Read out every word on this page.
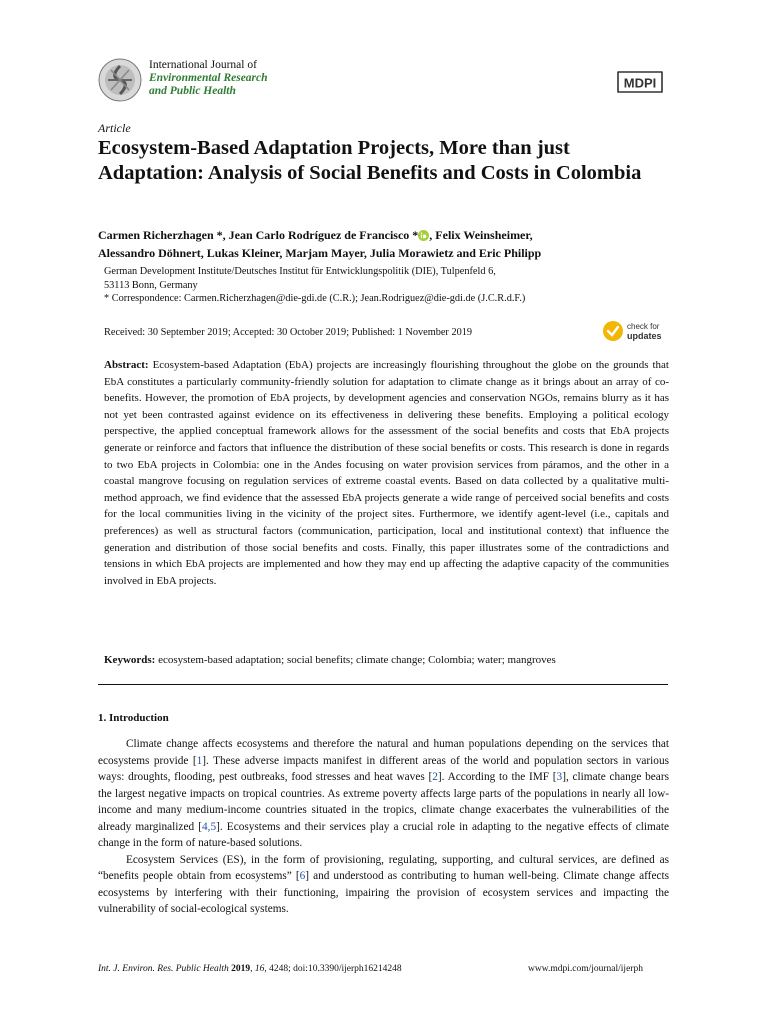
International Journal of
Environmental Research
and Public Health
MDPI
Article
Ecosystem-Based Adaptation Projects, More than just Adaptation: Analysis of Social Benefits and Costs in Colombia
Carmen Richerzhagen *, Jean Carlo Rodríguez de Francisco * , Felix Weinsheimer,
Alessandro Döhnert, Lukas Kleiner, Marjam Mayer, Julia Morawietz and Eric Philipp
German Development Institute/Deutsches Institut für Entwicklungspolitik (DIE), Tulpenfeld 6,
53113 Bonn, Germany
* Correspondence: Carmen.Richerzhagen@die-gdi.de (C.R.); Jean.Rodriguez@die-gdi.de (J.C.R.d.F.)
Received: 30 September 2019; Accepted: 30 October 2019; Published: 1 November 2019
check for
updates

Abstract: Ecosystem-based Adaptation (EbA) projects are increasingly flourishing throughout the globe on the grounds that EbA constitutes a particularly community-friendly solution for adaptation to climate change as it brings about an array of co-benefits. However, the promotion of EbA projects, by development agencies and conservation NGOs, remains blurry as it has not yet been contrasted against evidence on its effectiveness in delivering these benefits. Employing a political ecology perspective, the applied conceptual framework allows for the assessment of the social benefits and costs that EbA projects generate or reinforce and factors that influence the distribution of these social benefits or costs. This research is done in regards to two EbA projects in Colombia: one in the Andes focusing on water provision services from páramos, and the other in a coastal mangrove focusing on regulation services of extreme coastal events. Based on data collected by a qualitative multi-method approach, we find evidence that the assessed EbA projects generate a wide range of perceived social benefits and costs for the local communities living in the vicinity of the project sites. Furthermore, we identify agent-level (i.e., capitals and preferences) as well as structural factors (communication, participation, local and institutional context) that influence the generation and distribution of those social benefits and costs. Finally, this paper illustrates some of the contradictions and tensions in which EbA projects are implemented and how they may end up affecting the adaptive capacity of the communities involved in EbA projects.

Keywords: ecosystem-based adaptation; social benefits; climate change; Colombia; water; mangroves
1. Introduction

Climate change affects ecosystems and therefore the natural and human populations depending on the services that ecosystems provide [1]. These adverse impacts manifest in different areas of the world and population sectors in various ways: droughts, flooding, pest outbreaks, food stresses and heat waves [2]. According to the IMF [3], climate change bears the largest negative impacts on tropical countries. As extreme poverty affects large parts of the populations in nearly all low-income and many medium-income countries situated in the tropics, climate change exacerbates the vulnerabilities of the already marginalized [4,5]. Ecosystems and their services play a crucial role in adapting to the negative effects of climate change in the form of nature-based solutions.

Ecosystem Services (ES), in the form of provisioning, regulating, supporting, and cultural services, are defined as “benefits people obtain from ecosystems” [6] and understood as contributing to human well-being. Climate change affects ecosystems by interfering with their functioning, impairing the provision of ecosystem services and impacting the vulnerability of social-ecological systems.

Int. J. Environ. Res. Public Health 2019, 16, 4248; doi:10.3390/ijerph16214248	www.mdpi.com/journal/ijerph
